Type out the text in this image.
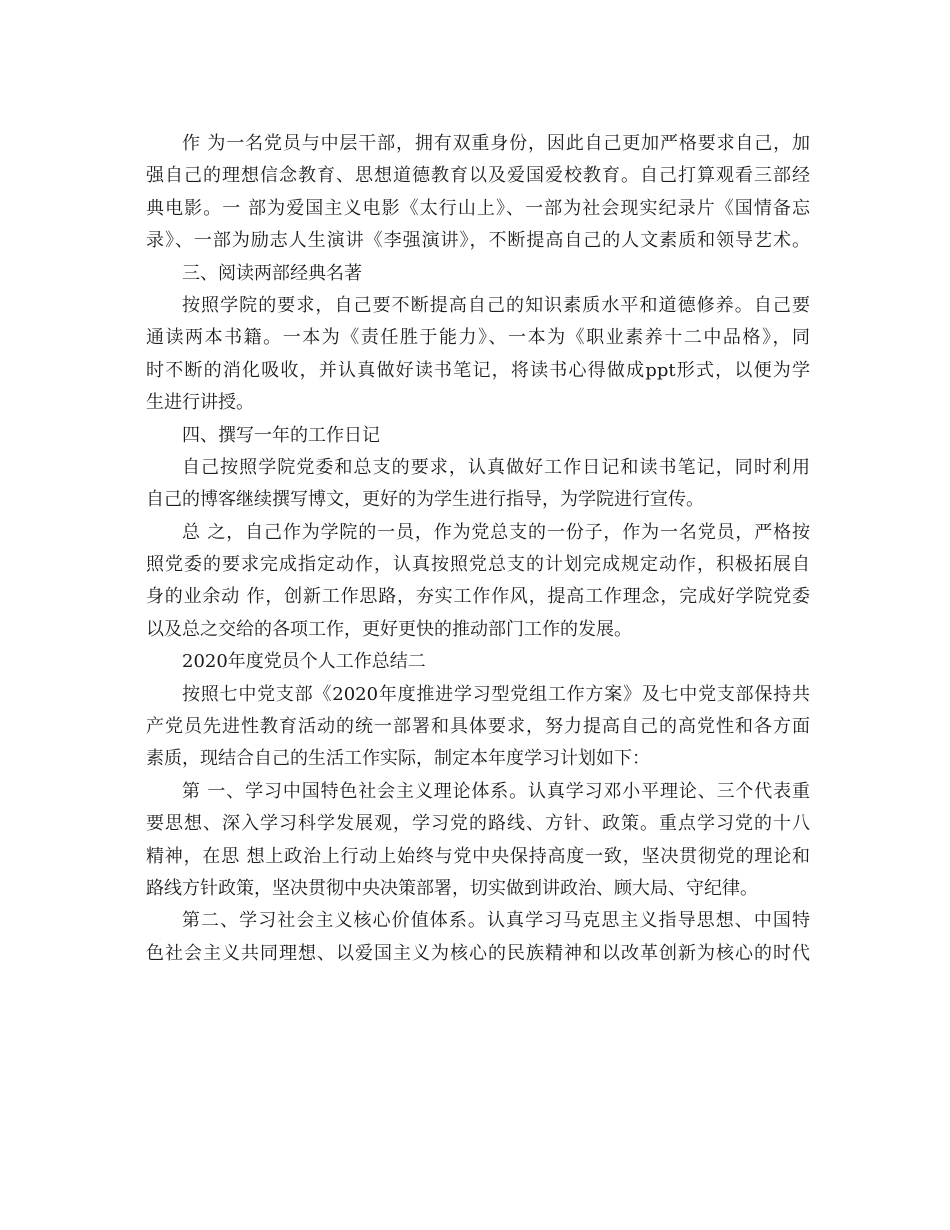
作 为一名党员与中层干部，拥有双重身份，因此自己更加严格要求自己，加
强自己的理想信念教育、思想道德教育以及爱国爱校教育。自己打算观看三部经
典电影。一 部为爱国主义电影《太行山上》、一部为社会现实纪录片《国情备忘
录》、一部为励志人生演讲《李强演讲》，不断提高自己的人文素质和领导艺术。
三、阅读两部经典名著
按照学院的要求，自己要不断提高自己的知识素质水平和道德修养。自己要
通读两本书籍。一本为《责任胜于能力》、一本为《职业素养十二中品格》，同
时不断的消化吸收，并认真做好读书笔记，将读书心得做成ppt形式，以便为学
生进行讲授。
四、撰写一年的工作日记
自己按照学院党委和总支的要求，认真做好工作日记和读书笔记，同时利用
自己的博客继续撰写博文，更好的为学生进行指导，为学院进行宣传。
总 之，自己作为学院的一员，作为党总支的一份子，作为一名党员，严格按
照党委的要求完成指定动作，认真按照党总支的计划完成规定动作，积极拓展自
身的业余动 作，创新工作思路，夯实工作作风，提高工作理念，完成好学院党委
以及总之交给的各项工作，更好更快的推动部门工作的发展。
2020年度党员个人工作总结二
按照七中党支部《2020年度推进学习型党组工作方案》及七中党支部保持共
产党员先进性教育活动的统一部署和具体要求，努力提高自己的高党性和各方面
素质，现结合自己的生活工作实际，制定本年度学习计划如下：
第 一、学习中国特色社会主义理论体系。认真学习邓小平理论、三个代表重
要思想、深入学习科学发展观，学习党的路线、方针、政策。重点学习党的十八
精神，在思 想上政治上行动上始终与党中央保持高度一致，坚决贯彻党的理论和
路线方针政策，坚决贯彻中央决策部署，切实做到讲政治、顾大局、守纪律。
第二、学习社会主义核心价值体系。认真学习马克思主义指导思想、中国特
色社会主义共同理想、以爱国主义为核心的民族精神和以改革创新为核心的时代
